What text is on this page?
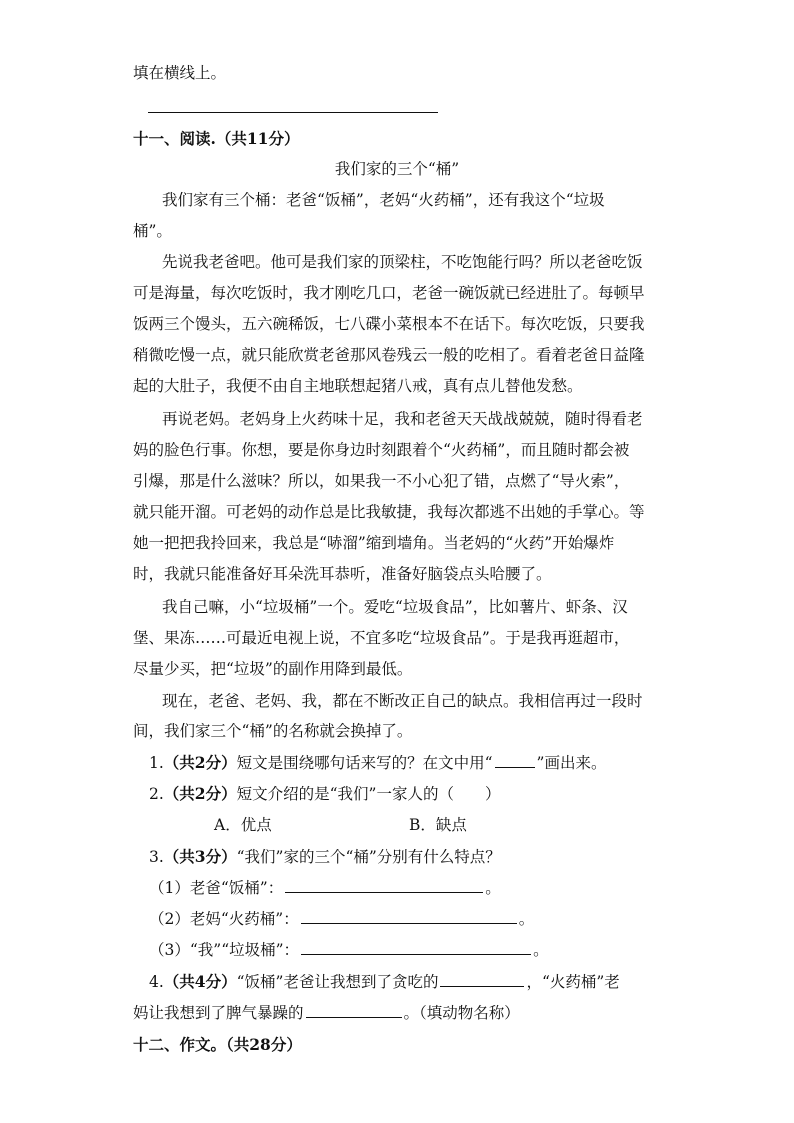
填在横线上。
十一、阅读.（共11分）
我们家的三个“桶”
我们家有三个桶：老爸“饭桶”，老妈“火药桶”，还有我这个“垃圾
桶”。
先说我老爸吧。他可是我们家的顶梁柱，不吃饱能行吗？所以老爸吃饭
可是海量，每次吃饭时，我才刚吃几口，老爸一碗饭就已经进肚了。每顿早
饭两三个馒头，五六碗稀饭，七八碟小菜根本不在话下。每次吃饭，只要我
稍微吃慢一点，就只能欣赏老爸那风卷残云一般的吃相了。看着老爸日益隆
起的大肚子，我便不由自主地联想起猪八戒，真有点儿替他发愁。
再说老妈。老妈身上火药味十足，我和老爸天天战战兢兢，随时得看老
妈的脸色行事。你想，要是你身边时刻跟着个“火药桶”，而且随时都会被
引爆，那是什么滋味？所以，如果我一不小心犯了错，点燃了“导火索”，
就只能开溜。可老妈的动作总是比我敏捷，我每次都逃不出她的手掌心。等
她一把把我拎回来，我总是“哧溜”缩到墙角。当老妈的“火药”开始爆炸
时，我就只能准备好耳朵洗耳恭听，准备好脑袋点头哈腰了。
我自己嘛，小“垃圾桶”一个。爱吃“垃圾食品”，比如薯片、虾条、汉
堡、果冻……可最近电视上说，不宜多吃“垃圾食品”。于是我再逛超市，
尽量少买，把“垃圾”的副作用降到最低。
现在，老爸、老妈、我，都在不断改正自己的缺点。我相信再过一段时
间，我们家三个“桶”的名称就会换掉了。
1.（共2分）短文是围绕哪句话来写的？在文中用“	”画出来。
2.（共2分）短文介绍的是“我们”一家人的（　　）
A．优点	B．缺点
3.（共3分）“我们”家的三个“桶”分别有什么特点？
（1）老爸“饭桶”：	。
（2）老妈“火药桶”：	。
（3）“我”“垃圾桶”：	。
4.（共4分）“饭桶”老爸让我想到了贪吃的	，“火药桶”老
妈让我想到了脾气暴躁的	。（填动物名称）
十二、作文。（共28分）
